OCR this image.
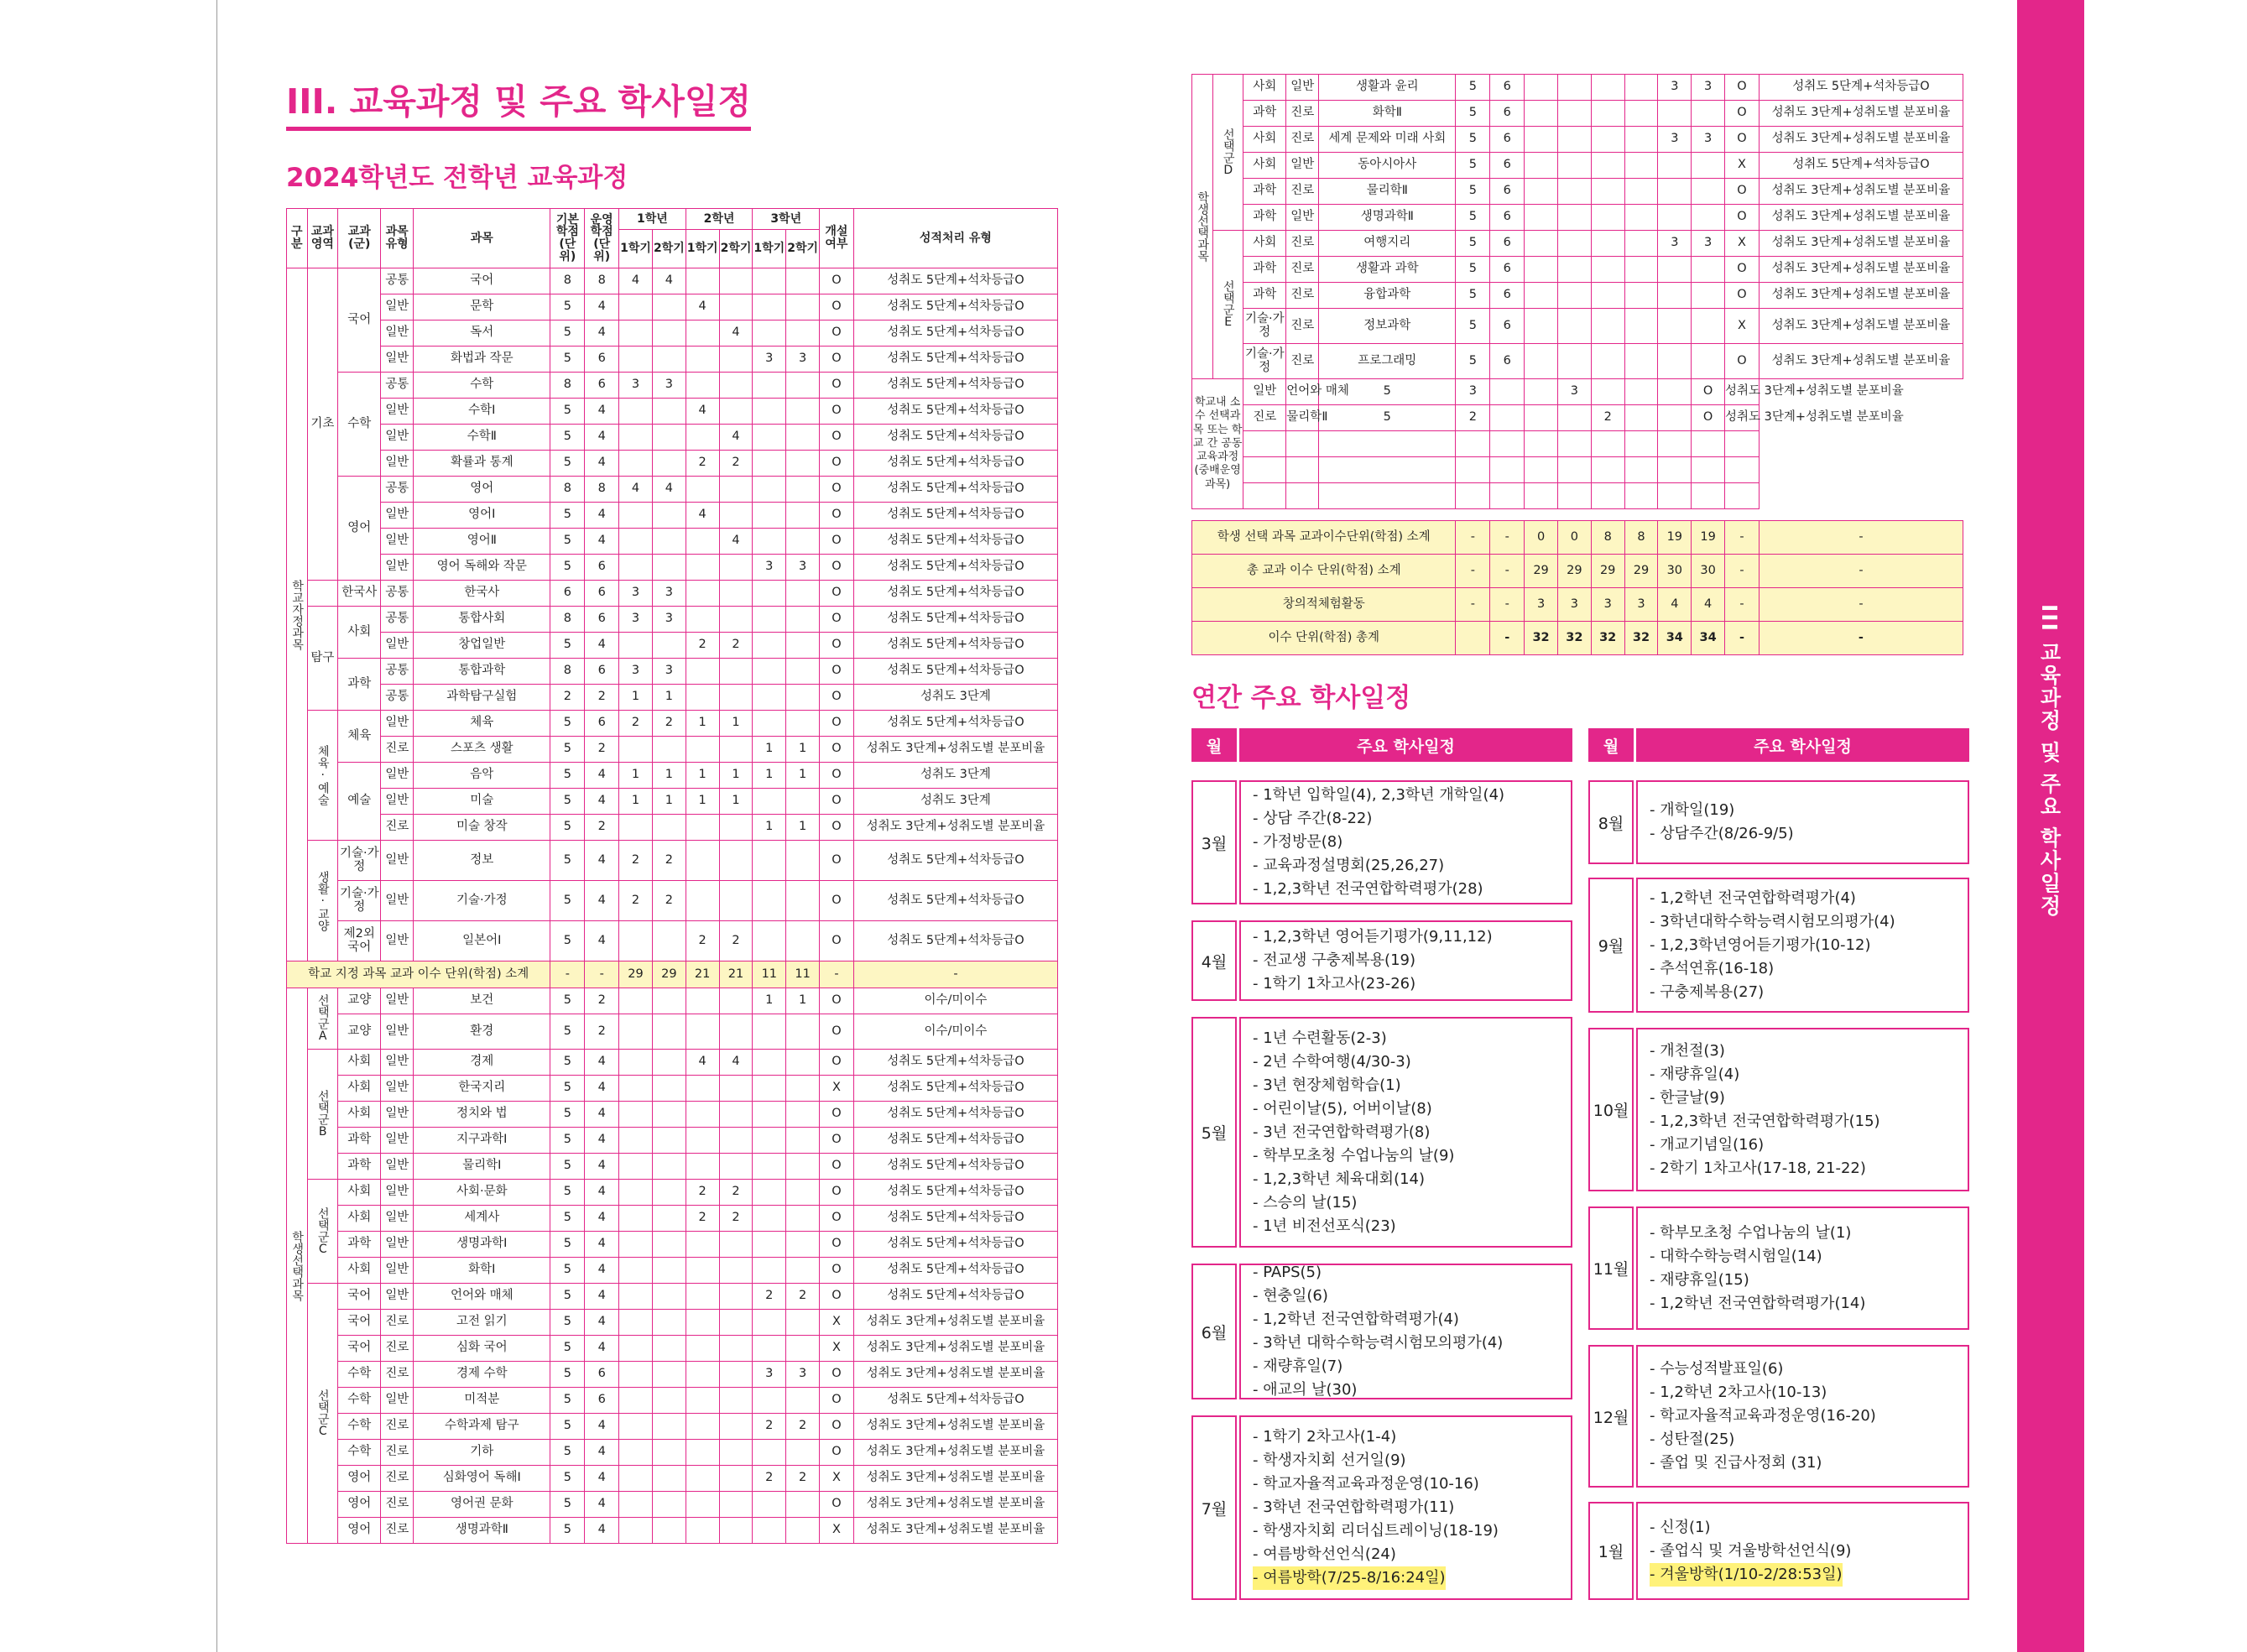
III 교육과정 및 주요 학사일정
III. 교육과정 및 주요 학사일정
2024학년도 전학년 교육과정
연간 주요 학사일정
구분	교과영역	교과(군)	과목유형	과목	기본학점(단위)	운영학점(단위)	1학년		2학년		3학년		개설여부	성적처리 유형
							1학기	2학기	1학기	2학기	1학기	2학기		
학교자정과목	기초	국어	공통	국어	8	8	4	4					O	성취도 5단계+석차등급O
			일반	문학	5	4			4				O	성취도 5단계+석차등급O
			일반	독서	5	4				4			O	성취도 5단계+석차등급O
			일반	화법과 작문	5	6					3	3	O	성취도 5단계+석차등급O
		수학	공통	수학	8	6	3	3					O	성취도 5단계+석차등급O
			일반	수학Ⅰ	5	4			4				O	성취도 5단계+석차등급O
			일반	수학Ⅱ	5	4				4			O	성취도 5단계+석차등급O
			일반	확률과 통계	5	4			2	2			O	성취도 5단계+석차등급O
		영어	공통	영어	8	8	4	4					O	성취도 5단계+석차등급O
			일반	영어Ⅰ	5	4			4				O	성취도 5단계+석차등급O
			일반	영어Ⅱ	5	4				4			O	성취도 5단계+석차등급O
			일반	영어 독해와 작문	5	6					3	3	O	성취도 5단계+석차등급O
		한국사	공통	한국사	6	6	3	3					O	성취도 5단계+석차등급O
	탐구	사회	공통	통합사회	8	6	3	3					O	성취도 5단계+석차등급O
			일반	창업일반	5	4			2	2			O	성취도 5단계+석차등급O
		과학	공통	통합과학	8	6	3	3					O	성취도 5단계+석차등급O
			공통	과학탐구실험	2	2	1	1					O	성취도 3단계
	체육·예술	체육	일반	체육	5	6	2	2	1	1			O	성취도 5단계+석차등급O
			진로	스포츠 생활	5	2					1	1	O	성취도 3단계+성취도별 분포비율
		예술	일반	음악	5	4	1	1	1	1	1	1	O	성취도 3단계
			일반	미술	5	4	1	1	1	1			O	성취도 3단계
			진로	미술 창작	5	2					1	1	O	성취도 3단계+성취도별 분포비율
	생활·교양	기술·가정	일반	정보	5	4	2	2					O	성취도 5단계+석차등급O
		기술·가정	일반	기술·가정	5	4	2	2					O	성취도 5단계+석차등급O
		제2외국어	일반	일본어Ⅰ	5	4			2	2			O	성취도 5단계+석차등급O
학교 지정 과목 교과 이수 단위(학점) 소계					-	-	29	29	21	21	11	11	-	-
학생선택과목	선택군A	교양	일반	보건	5	2					1	1	O	이수/미이수
		교양	일반	환경	5	2							O	이수/미이수
	선택군B	사회	일반	경제	5	4			4	4			O	성취도 5단계+석차등급O
		사회	일반	한국지리	5	4							X	성취도 5단계+석차등급O
		사회	일반	정치와 법	5	4							O	성취도 5단계+석차등급O
		과학	일반	지구과학Ⅰ	5	4							O	성취도 5단계+석차등급O
		과학	일반	물리학Ⅰ	5	4							O	성취도 5단계+석차등급O
	선택군C	사회	일반	사회·문화	5	4			2	2			O	성취도 5단계+석차등급O
		사회	일반	세계사	5	4			2	2			O	성취도 5단계+석차등급O
		과학	일반	생명과학Ⅰ	5	4							O	성취도 5단계+석차등급O
		사회	일반	화학Ⅰ	5	4							O	성취도 5단계+석차등급O
	선택군C	국어	일반	언어와 매체	5	4					2	2	O	성취도 5단계+석차등급O
		국어	진로	고전 읽기	5	4							X	성취도 3단계+성취도별 분포비율
		국어	진로	심화 국어	5	4							X	성취도 3단계+성취도별 분포비율
		수학	진로	경제 수학	5	6					3	3	O	성취도 3단계+성취도별 분포비율
		수학	일반	미적분	5	6							O	성취도 5단계+석차등급O
		수학	진로	수학과제 탐구	5	4					2	2	O	성취도 3단계+성취도별 분포비율
		수학	진로	기하	5	4							O	성취도 3단계+성취도별 분포비율
		영어	진로	심화영어 독해Ⅰ	5	4					2	2	X	성취도 3단계+성취도별 분포비율
		영어	진로	영어권 문화	5	4							O	성취도 3단계+성취도별 분포비율
		영어	진로	생명과학Ⅱ	5	4							X	성취도 3단계+성취도별 분포비율
학생선택과목	선택군D	사회	일반	생활과 윤리	5	6					3	3	O	성취도 5단계+석차등급O
		과학	진로	화학Ⅱ	5	6							O	성취도 3단계+성취도별 분포비율
		사회	진로	세계 문제와 미래 사회	5	6					3	3	O	성취도 3단계+성취도별 분포비율
		사회	일반	동아시아사	5	6							X	성취도 5단계+석차등급O
		과학	진로	물리학Ⅱ	5	6							O	성취도 3단계+성취도별 분포비율
		과학	일반	생명과학Ⅱ	5	6							O	성취도 3단계+성취도별 분포비율
	선택군E	사회	진로	여행지리	5	6					3	3	X	성취도 3단계+성취도별 분포비율
		과학	진로	생활과 과학	5	6							O	성취도 3단계+성취도별 분포비율
		과학	진로	융합과학	5	6							O	성취도 3단계+성취도별 분포비율
		기술·가정	진로	정보과학	5	6							X	성취도 3단계+성취도별 분포비율
		기술·가정	진로	프로그래밍	5	6							O	성취도 3단계+성취도별 분포비율
학교내 소수 선택과목 또는 학교 간 공동 교육과정 (중배운영과목)		일반	언어와 매체	5	3			3				O	성취도 3단계+성취도별 분포비율	
		진로	물리학Ⅱ	5	2				2			O	성취도 3단계+성취도별 분포비율	

학생 선택 과목 교과이수단위(학점) 소계					-	-	0	0	8	8	19	19	-	-
총 교과 이수 단위(학점) 소계					-	-	29	29	29	29	30	30	-	-
창의적체험활동					-	-	3	3	3	3	4	4	-	-
이수 단위(학점) 총계						-	32	32	32	32	34	34	-	-
월	주요 학사일정	월	주요 학사일정
3월
- 1학년 입학일(4), 2,3학년 개학일(4)
- 상담 주간(8-22)
- 가정방문(8)
- 교육과정설명회(25,26,27)
- 1,2,3학년 전국연합학력평가(28)
4월
- 1,2,3학년 영어듣기평가(9,11,12)
- 전교생 구충제복용(19)
- 1학기 1차고사(23-26)
5월
- 1년 수련활동(2-3)
- 2년 수학여행(4/30-3)
- 3년 현장체험학습(1)
- 어린이날(5), 어버이날(8)
- 3년 전국연합학력평가(8)
- 학부모초청 수업나눔의 날(9)
- 1,2,3학년 체육대회(14)
- 스승의 날(15)
- 1년 비전선포식(23)
6월
- PAPS(5)
- 현충일(6)
- 1,2학년 전국연합학력평가(4)
- 3학년 대학수학능력시험모의평가(4)
- 재량휴일(7)
- 애교의 날(30)
7월
- 1학기 2차고사(1-4)
- 학생자치회 선거일(9)
- 학교자율적교육과정운영(10-16)
- 3학년 전국연합학력평가(11)
- 학생자치회 리더십트레이닝(18-19)
- 여름방학선언식(24)
- 여름방학(7/25-8/16:24일)
8월
- 개학일(19)
- 상담주간(8/26-9/5)
9월
- 1,2학년 전국연합학력평가(4)
- 3학년대학수학능력시험모의평가(4)
- 1,2,3학년영어듣기평가(10-12)
- 추석연휴(16-18)
- 구충제복용(27)
10월
- 개천절(3)
- 재량휴일(4)
- 한글날(9)
- 1,2,3학년 전국연합학력평가(15)
- 개교기념일(16)
- 2학기 1차고사(17-18, 21-22)
11월
- 학부모초청 수업나눔의 날(1)
- 대학수학능력시험일(14)
- 재량휴일(15)
- 1,2학년 전국연합학력평가(14)
12월
- 수능성적발표일(6)
- 1,2학년 2차고사(10-13)
- 학교자율적교육과정운영(16-20)
- 성탄절(25)
- 졸업 및 진급사정회 (31)
1월
- 신정(1)
- 졸업식 및 겨울방학선언식(9)
- 겨울방학(1/10-2/28:53일)
